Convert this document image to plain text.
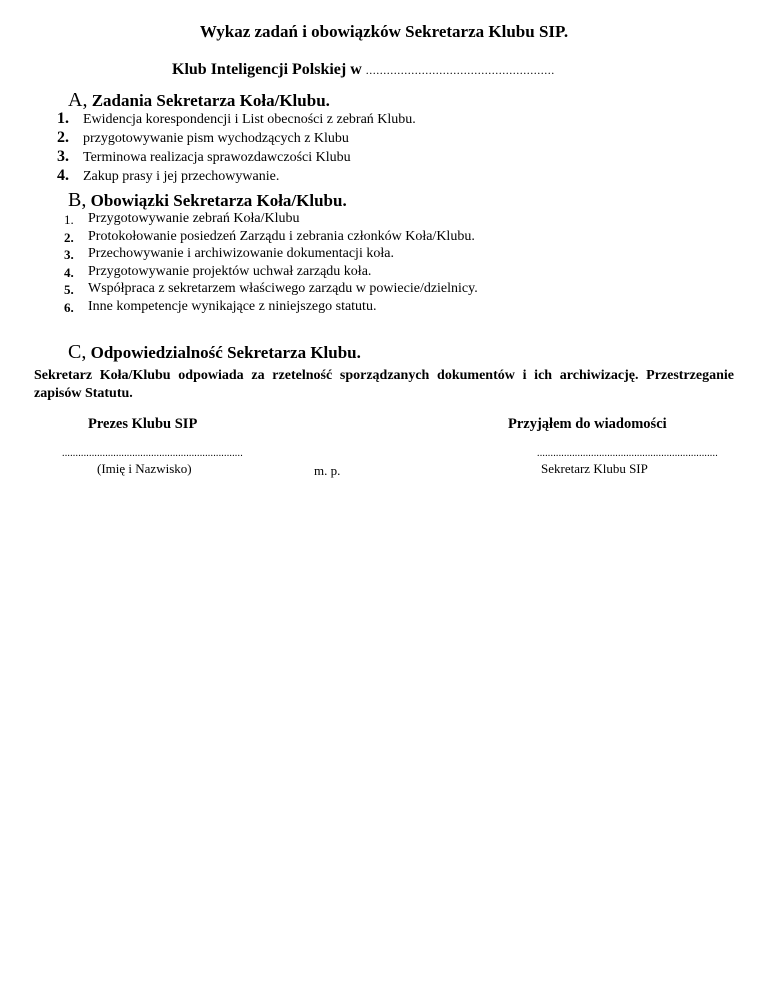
Wykaz zadań i obowiązków Sekretarza Klubu SIP.
Klub Inteligencji Polskiej w ......................................................
A, Zadania Sekretarza Koła/Klubu.
1. Ewidencja korespondencji i List obecności z zebrań Klubu.
2. przygotowywanie pism wychodzących z Klubu
3. Terminowa realizacja sprawozdawczości Klubu
4. Zakup prasy i jej przechowywanie.
B, Obowiązki Sekretarza Koła/Klubu.
1. Przygotowywanie zebrań Koła/Klubu
2. Protokołowanie posiedzeń Zarządu i zebrania członków Koła/Klubu.
3. Przechowywanie i archiwizowanie dokumentacji koła.
4. Przygotowywanie projektów uchwał zarządu koła.
5. Współpraca z sekretarzem właściwego zarządu w powiecie/dzielnicy.
6. Inne kompetencje wynikające z niniejszego statutu.
C, Odpowiedzialność Sekretarza Klubu.
Sekretarz Koła/Klubu odpowiada za rzetelność sporządzanych dokumentów i ich archiwizację. Przestrzeganie zapisów Statutu.
Prezes Klubu SIP	Przyjąłem do wiadomości
...................................................................	...................................................................
(Imię i Nazwisko)	m. p.	Sekretarz Klubu SIP
